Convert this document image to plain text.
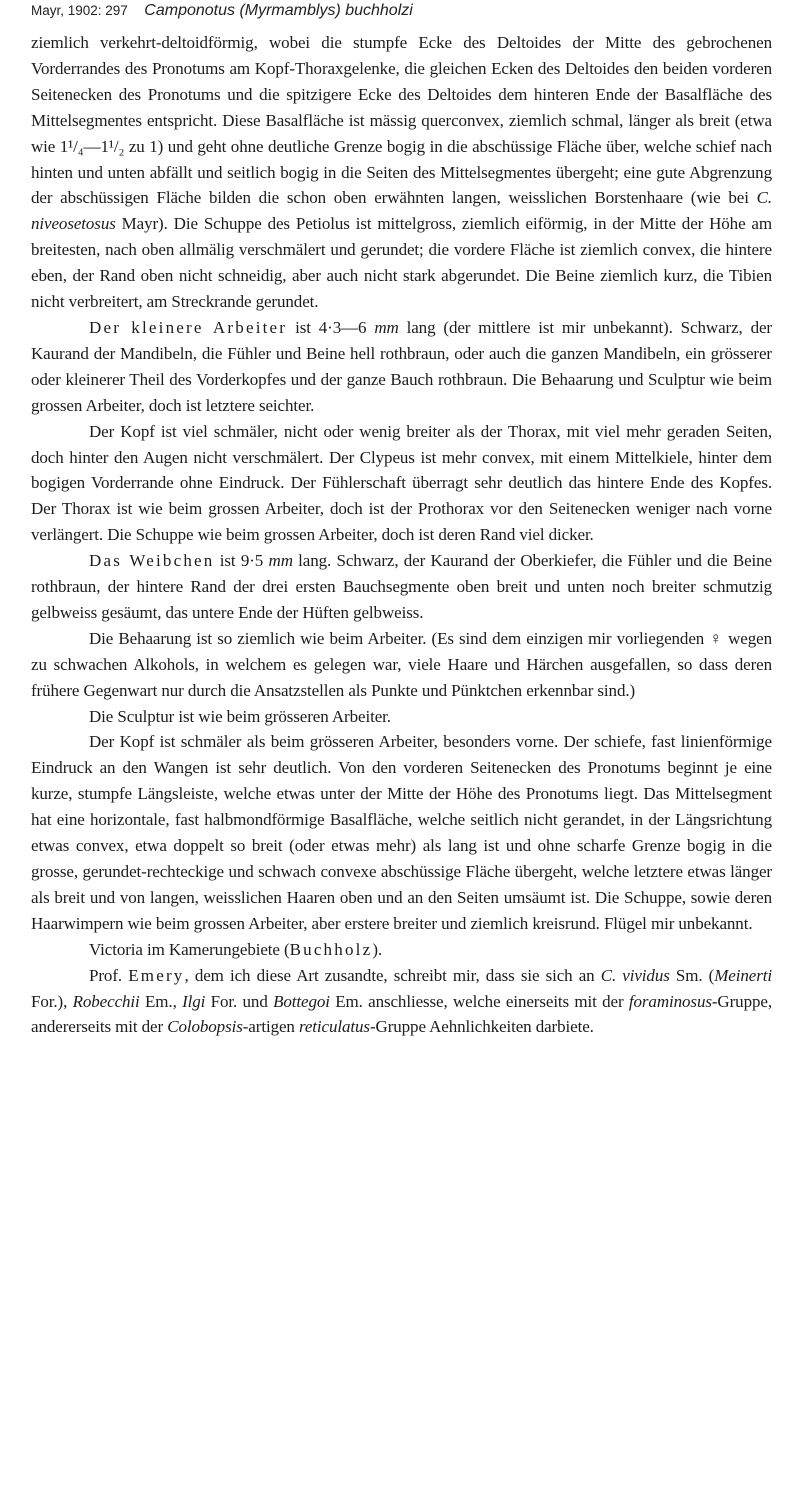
Mayr, 1902: 297 Camponotus (Myrmamblys) buchholzi

ziemlich verkehrt-deltoidförmig, wobei die stumpfe Ecke des Deltoides der Mitte des gebrochenen Vorderrandes des Pronotums am Kopf-Thoraxgelenke, die gleichen Ecken des Deltoides den beiden vorderen Seitenecken des Pronotums und die spitzigere Ecke des Deltoides dem hinteren Ende der Basalfläche des Mittelsegmentes entspricht. Diese Basalfläche ist mässig querconvex, ziemlich schmal, länger als breit (etwa wie 1¹/₄—1¹/₂ zu 1) und geht ohne deutliche Grenze bogig in die abschüssige Fläche über, welche schief nach hinten und unten abfällt und seitlich bogig in die Seiten des Mittelsegmentes übergeht; eine gute Abgrenzung der abschüssigen Fläche bilden die schon oben erwähnten langen, weisslichen Borstenhaare (wie bei C. niveosetosus Mayr). Die Schuppe des Petiolus ist mittelgross, ziemlich eiförmig, in der Mitte der Höhe am breitesten, nach oben allmälig verschmälert und gerundet; die vordere Fläche ist ziemlich convex, die hintere eben, der Rand oben nicht schneidig, aber auch nicht stark abgerundet. Die Beine ziemlich kurz, die Tibien nicht verbreitert, am Streckrande gerundet.

Der kleinere Arbeiter ist 4·3—6 mm lang (der mittlere ist mir unbekannt). Schwarz, der Kaurand der Mandibeln, die Fühler und Beine hell rothbraun, oder auch die ganzen Mandibeln, ein grösserer oder kleinerer Theil des Vorderkopfes und der ganze Bauch rothbraun. Die Behaarung und Sculptur wie beim grossen Arbeiter, doch ist letztere seichter.

Der Kopf ist viel schmäler, nicht oder wenig breiter als der Thorax, mit viel mehr geraden Seiten, doch hinter den Augen nicht verschmälert. Der Clypeus ist mehr convex, mit einem Mittelkiele, hinter dem bogigen Vorderrande ohne Eindruck. Der Fühlerschaft überragt sehr deutlich das hintere Ende des Kopfes. Der Thorax ist wie beim grossen Arbeiter, doch ist der Prothorax vor den Seitenecken weniger nach vorne verlängert. Die Schuppe wie beim grossen Arbeiter, doch ist deren Rand viel dicker.

Das Weibchen ist 9·5 mm lang. Schwarz, der Kaurand der Oberkiefer, die Fühler und die Beine rothbraun, der hintere Rand der drei ersten Bauchsegmente oben breit und unten noch breiter schmutzig gelbweiss gesäumt, das untere Ende der Hüften gelbweiss.

Die Behaarung ist so ziemlich wie beim Arbeiter. (Es sind dem einzigen mir vorliegenden ♀ wegen zu schwachen Alkohols, in welchem es gelegen war, viele Haare und Härchen ausgefallen, so dass deren frühere Gegenwart nur durch die Ansatzstellen als Punkte und Pünktchen erkennbar sind.)

Die Sculptur ist wie beim grösseren Arbeiter.

Der Kopf ist schmäler als beim grösseren Arbeiter, besonders vorne. Der schiefe, fast linienförmige Eindruck an den Wangen ist sehr deutlich. Von den vorderen Seitenecken des Pronotums beginnt je eine kurze, stumpfe Längsleiste, welche etwas unter der Mitte der Höhe des Pronotums liegt. Das Mittelsegment hat eine horizontale, fast halbmondförmige Basalfläche, welche seitlich nicht gerandet, in der Längsrichtung etwas convex, etwa doppelt so breit (oder etwas mehr) als lang ist und ohne scharfe Grenze bogig in die grosse, gerundet-rechteckige und schwach convexe abschüssige Fläche übergeht, welche letztere etwas länger als breit und von langen, weisslichen Haaren oben und an den Seiten umsäumt ist. Die Schuppe, sowie deren Haarwimpern wie beim grossen Arbeiter, aber erstere breiter und ziemlich kreisrund. Flügel mir unbekannt.

Victoria im Kamerungebiete (Buchholz).

Prof. Emery, dem ich diese Art zusandte, schreibt mir, dass sie sich an C. vividus Sm. (Meinerti For.), Robecchii Em., Ilgi For. und Bottegoi Em. anschliesse, welche einerseits mit der foraminosus-Gruppe, andererseits mit der Colobopsis-artigen reticulatus-Gruppe Aehnlichkeiten darbiete.
